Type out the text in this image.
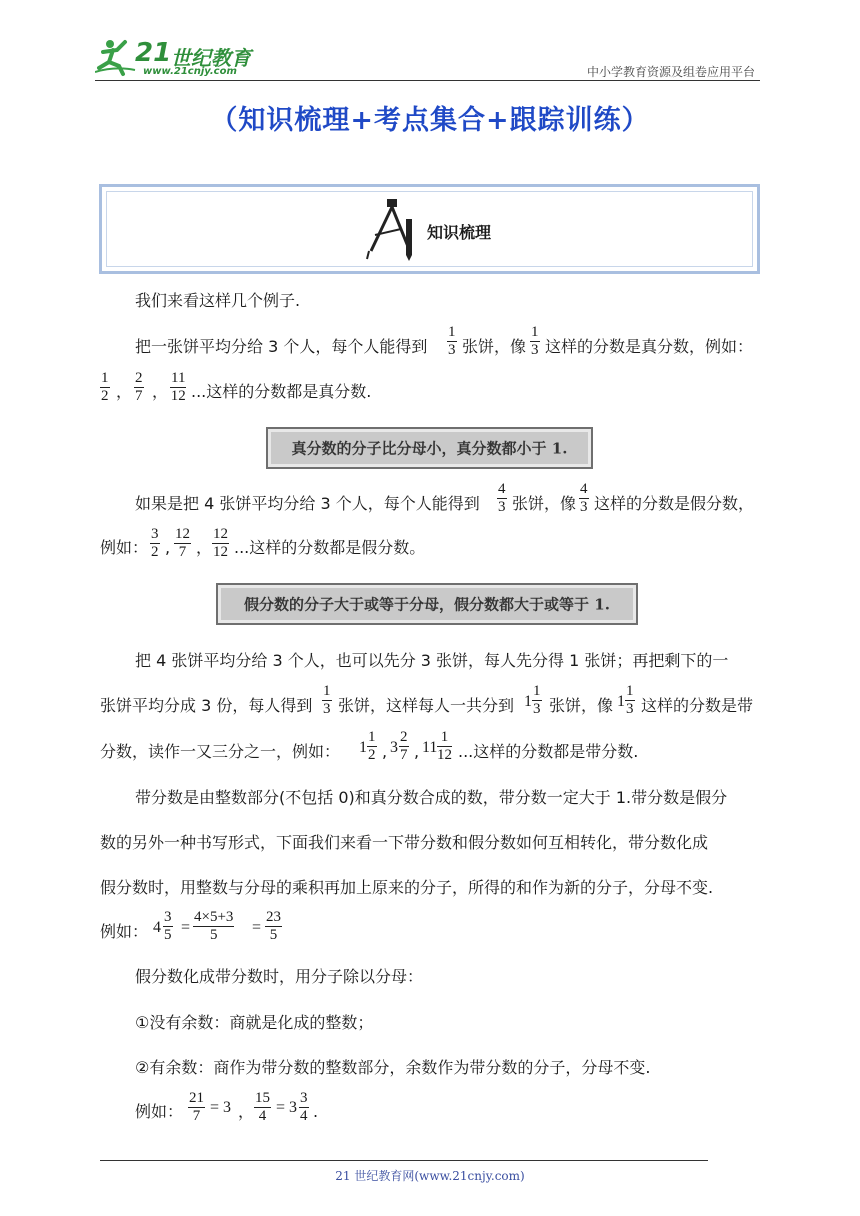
21 世纪教育
www.21cnjy.com	中小学教育资源及组卷应用平台
（知识梳理+考点集合+跟踪训练）
知识梳理
我们来看这样几个例子.
把一张饼平均分给 3 个人，每个人能得到 $\frac{1}{3}$ 张饼，像 $\frac{1}{3}$ 这样的分数是真分数，例如：
$\frac{1}{2}$ ， $\frac{2}{7}$ ， $\frac{11}{12}$ ...这样的分数都是真分数.
真分数的分子比分母小，真分数都小于 1.
如果是把 4 张饼平均分给 3 个人，每个人能得到 $\frac{4}{3}$ 张饼，像 $\frac{4}{3}$ 这样的分数是假分数，
例如： $\frac{3}{2}$ , $\frac{12}{7}$ ， $\frac{12}{12}$ ...这样的分数都是假分数。
假分数的分子大于或等于分母，假分数都大于或等于 1.
把 4 张饼平均分给 3 个人，也可以先分 3 张饼，每人先分得 1 张饼；再把剩下的一
张饼平均分成 3 份，每人得到 $\frac{1}{3}$ 张饼，这样每人一共分到 $1 \frac{1}{3}$ 张饼，像 $1 \frac{1}{3}$ 这样的分数是带
分数，读作一又三分之一，例如： $1 \frac{1}{2}$ , $3 \frac{2}{7}$ , $11 \frac{1}{12}$ ...这样的分数都是带分数.
带分数是由整数部分(不包括 0)和真分数合成的数，带分数一定大于 1.带分数是假分
数的另外一种书写形式，下面我们来看一下带分数和假分数如何互相转化，带分数化成
假分数时，用整数与分母的乘积再加上原来的分子，所得的和作为新的分子，分母不变.
例如： $4 \frac{3}{5} = \frac{4\times 5+3}{5} = \frac{23}{5}$
假分数化成带分数时，用分子除以分母：
①没有余数：商就是化成的整数；
②有余数：商作为带分数的整数部分，余数作为带分数的分子，分母不变.
例如： $\frac{21}{7} = 3$ ， $\frac{15}{4} = 3 \frac{3}{4}$ .
21 世纪教育网(www.21cnjy.com)
